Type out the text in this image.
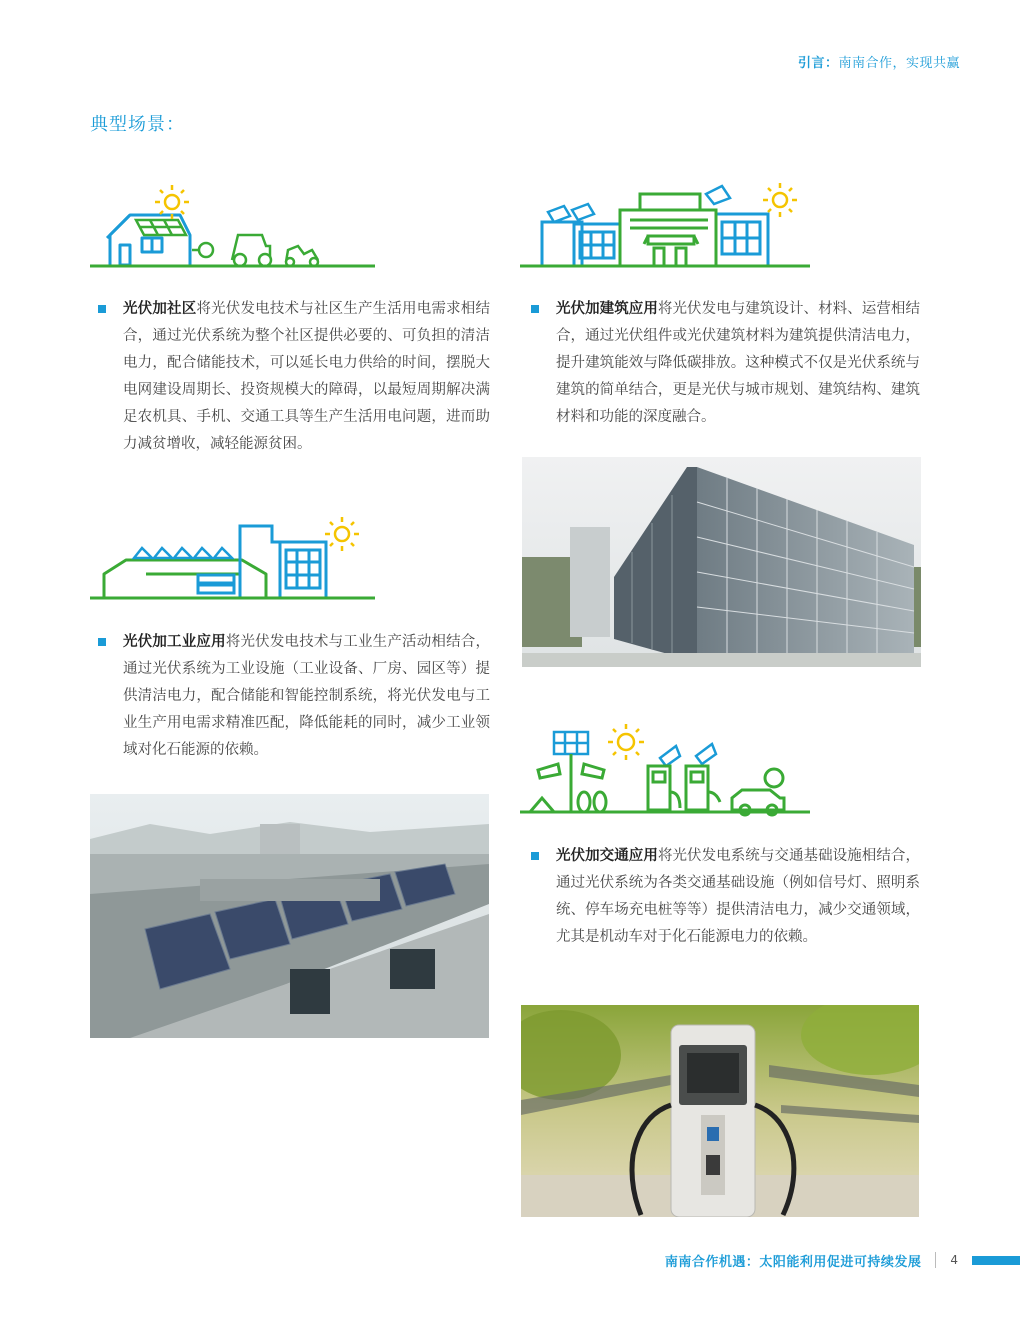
引言：南南合作，实现共赢
典型场景：
光伏加社区将光伏发电技术与社区生产生活用电需求相结合，通过光伏系统为整个社区提供必要的、可负担的清洁电力，配合储能技术，可以延长电力供给的时间，摆脱大电网建设周期长、投资规模大的障碍，以最短周期解决满足农机具、手机、交通工具等生产生活用电问题，进而助力减贫增收，减轻能源贫困。
光伏加工业应用将光伏发电技术与工业生产活动相结合，通过光伏系统为工业设施（工业设备、厂房、园区等）提供清洁电力，配合储能和智能控制系统，将光伏发电与工业生产用电需求精准匹配，降低能耗的同时，减少工业领域对化石能源的依赖。
光伏加建筑应用将光伏发电与建筑设计、材料、运营相结合，通过光伏组件或光伏建筑材料为建筑提供清洁电力，提升建筑能效与降低碳排放。这种模式不仅是光伏系统与建筑的简单结合，更是光伏与城市规划、建筑结构、建筑材料和功能的深度融合。
光伏加交通应用将光伏发电系统与交通基础设施相结合，通过光伏系统为各类交通基础设施（例如信号灯、照明系统、停车场充电桩等等）提供清洁电力，减少交通领域，尤其是机动车对于化石能源电力的依赖。
南南合作机遇：太阳能利用促进可持续发展 4
